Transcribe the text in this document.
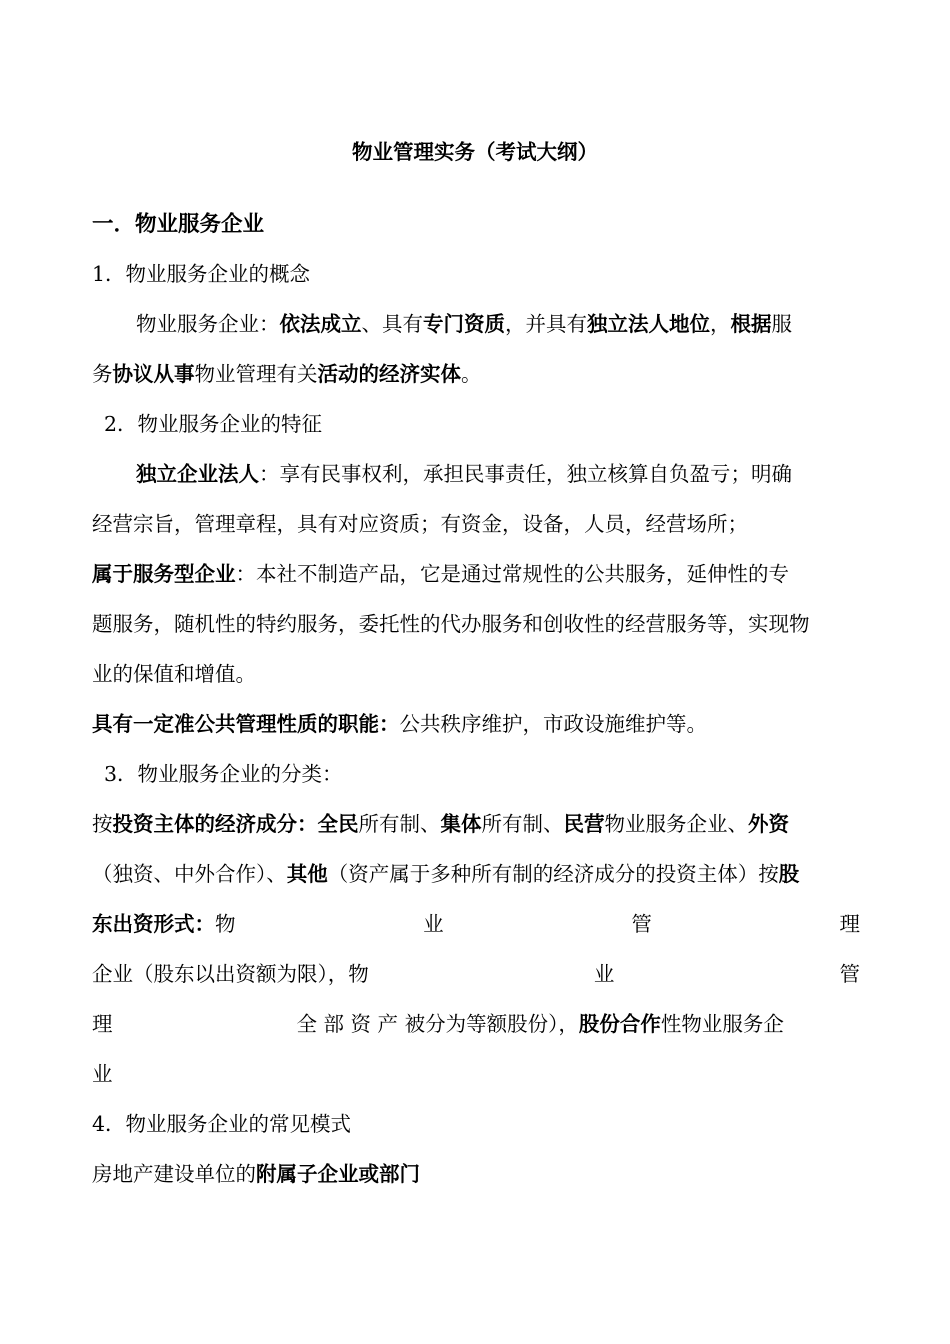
物业管理实务（考试大纲）
一．物业服务企业
1．物业服务企业的概念
物业服务企业：依法成立、具有专门资质，并具有独立法人地位，根据服
务协议从事物业管理有关活动的经济实体。
2．物业服务企业的特征
独立企业法人：享有民事权利，承担民事责任，独立核算自负盈亏；明确
经营宗旨，管理章程，具有对应资质；有资金，设备，人员，经营场所；
属于服务型企业：本社不制造产品，它是通过常规性的公共服务，延伸性的专
题服务，随机性的特约服务，委托性的代办服务和创收性的经营服务等，实现物
业的保值和增值。
具有一定准公共管理性质的职能：公共秩序维护，市政设施维护等。
3．物业服务企业的分类：
按投资主体的经济成分：全民所有制、集体所有制、民营物业服务企业、外资
（独资、中外合作）、其他（资产属于多种所有制的经济成分的投资主体）按股
东出资形式：物	业	管	理
企业（股东以出资额为限），物	业	管
理	全 部 资 产 被分为等额股份），股份合作性物业服务企
业
4．物业服务企业的常见模式
房地产建设单位的附属子企业或部门
